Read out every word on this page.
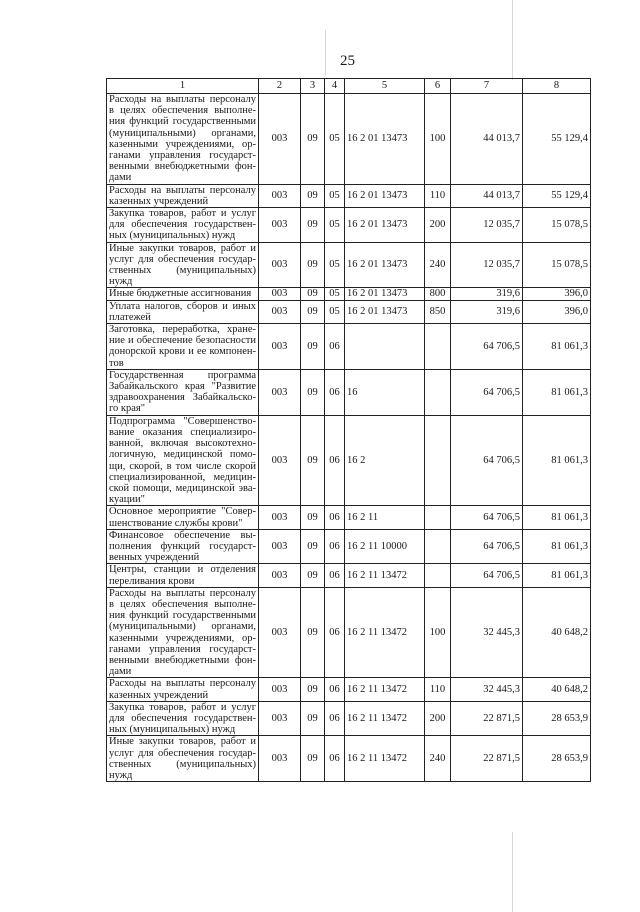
25
1	2	3	4	5	6	7	8
Расходы на выплаты персоналу в целях обеспечения выполне-ния функций государственными (муниципальными) органами, казенными учреждениями, ор-ганами управления государст-венными внебюджетными фон-дами	003	09	05	16 2 01 13473	100	44 013,7	55 129,4
Расходы на выплаты персоналу казенных учреждений	003	09	05	16 2 01 13473	110	44 013,7	55 129,4
Закупка товаров, работ и услуг для обеспечения государствен-ных (муниципальных) нужд	003	09	05	16 2 01 13473	200	12 035,7	15 078,5
Иные закупки товаров, работ и услуг для обеспечения государ-ственных (муниципальных) нужд	003	09	05	16 2 01 13473	240	12 035,7	15 078,5
Иные бюджетные ассигнования	003	09	05	16 2 01 13473	800	319,6	396,0
Уплата налогов, сборов и иных платежей	003	09	05	16 2 01 13473	850	319,6	396,0
Заготовка, переработка, хране-ние и обеспечение безопасности донорской крови и ее компонен-тов	003	09	06			64 706,5	81 061,3
Государственная программа Забайкальского края "Развитие здравоохранения Забайкальско-го края"	003	09	06	16		64 706,5	81 061,3
Подпрограмма "Совершенство-вание оказания специализиро-ванной, включая высокотехно-логичную, медицинской помо-щи, скорой, в том числе скорой специализированной, медицин-ской помощи, медицинской эва-куации"	003	09	06	16 2		64 706,5	81 061,3
Основное мероприятие "Совер-шенствование службы крови"	003	09	06	16 2 11		64 706,5	81 061,3
Финансовое обеспечение вы-полнения функций государст-венных учреждений	003	09	06	16 2 11 10000		64 706,5	81 061,3
Центры, станции и отделения переливания крови	003	09	06	16 2 11 13472		64 706,5	81 061,3
Расходы на выплаты персоналу в целях обеспечения выполне-ния функций государственными (муниципальными) органами, казенными учреждениями, ор-ганами управления государст-венными внебюджетными фон-дами	003	09	06	16 2 11 13472	100	32 445,3	40 648,2
Расходы на выплаты персоналу казенных учреждений	003	09	06	16 2 11 13472	110	32 445,3	40 648,2
Закупка товаров, работ и услуг для обеспечения государствен-ных (муниципальных) нужд	003	09	06	16 2 11 13472	200	22 871,5	28 653,9
Иные закупки товаров, работ и услуг для обеспечения государ-ственных (муниципальных) нужд	003	09	06	16 2 11 13472	240	22 871,5	28 653,9
